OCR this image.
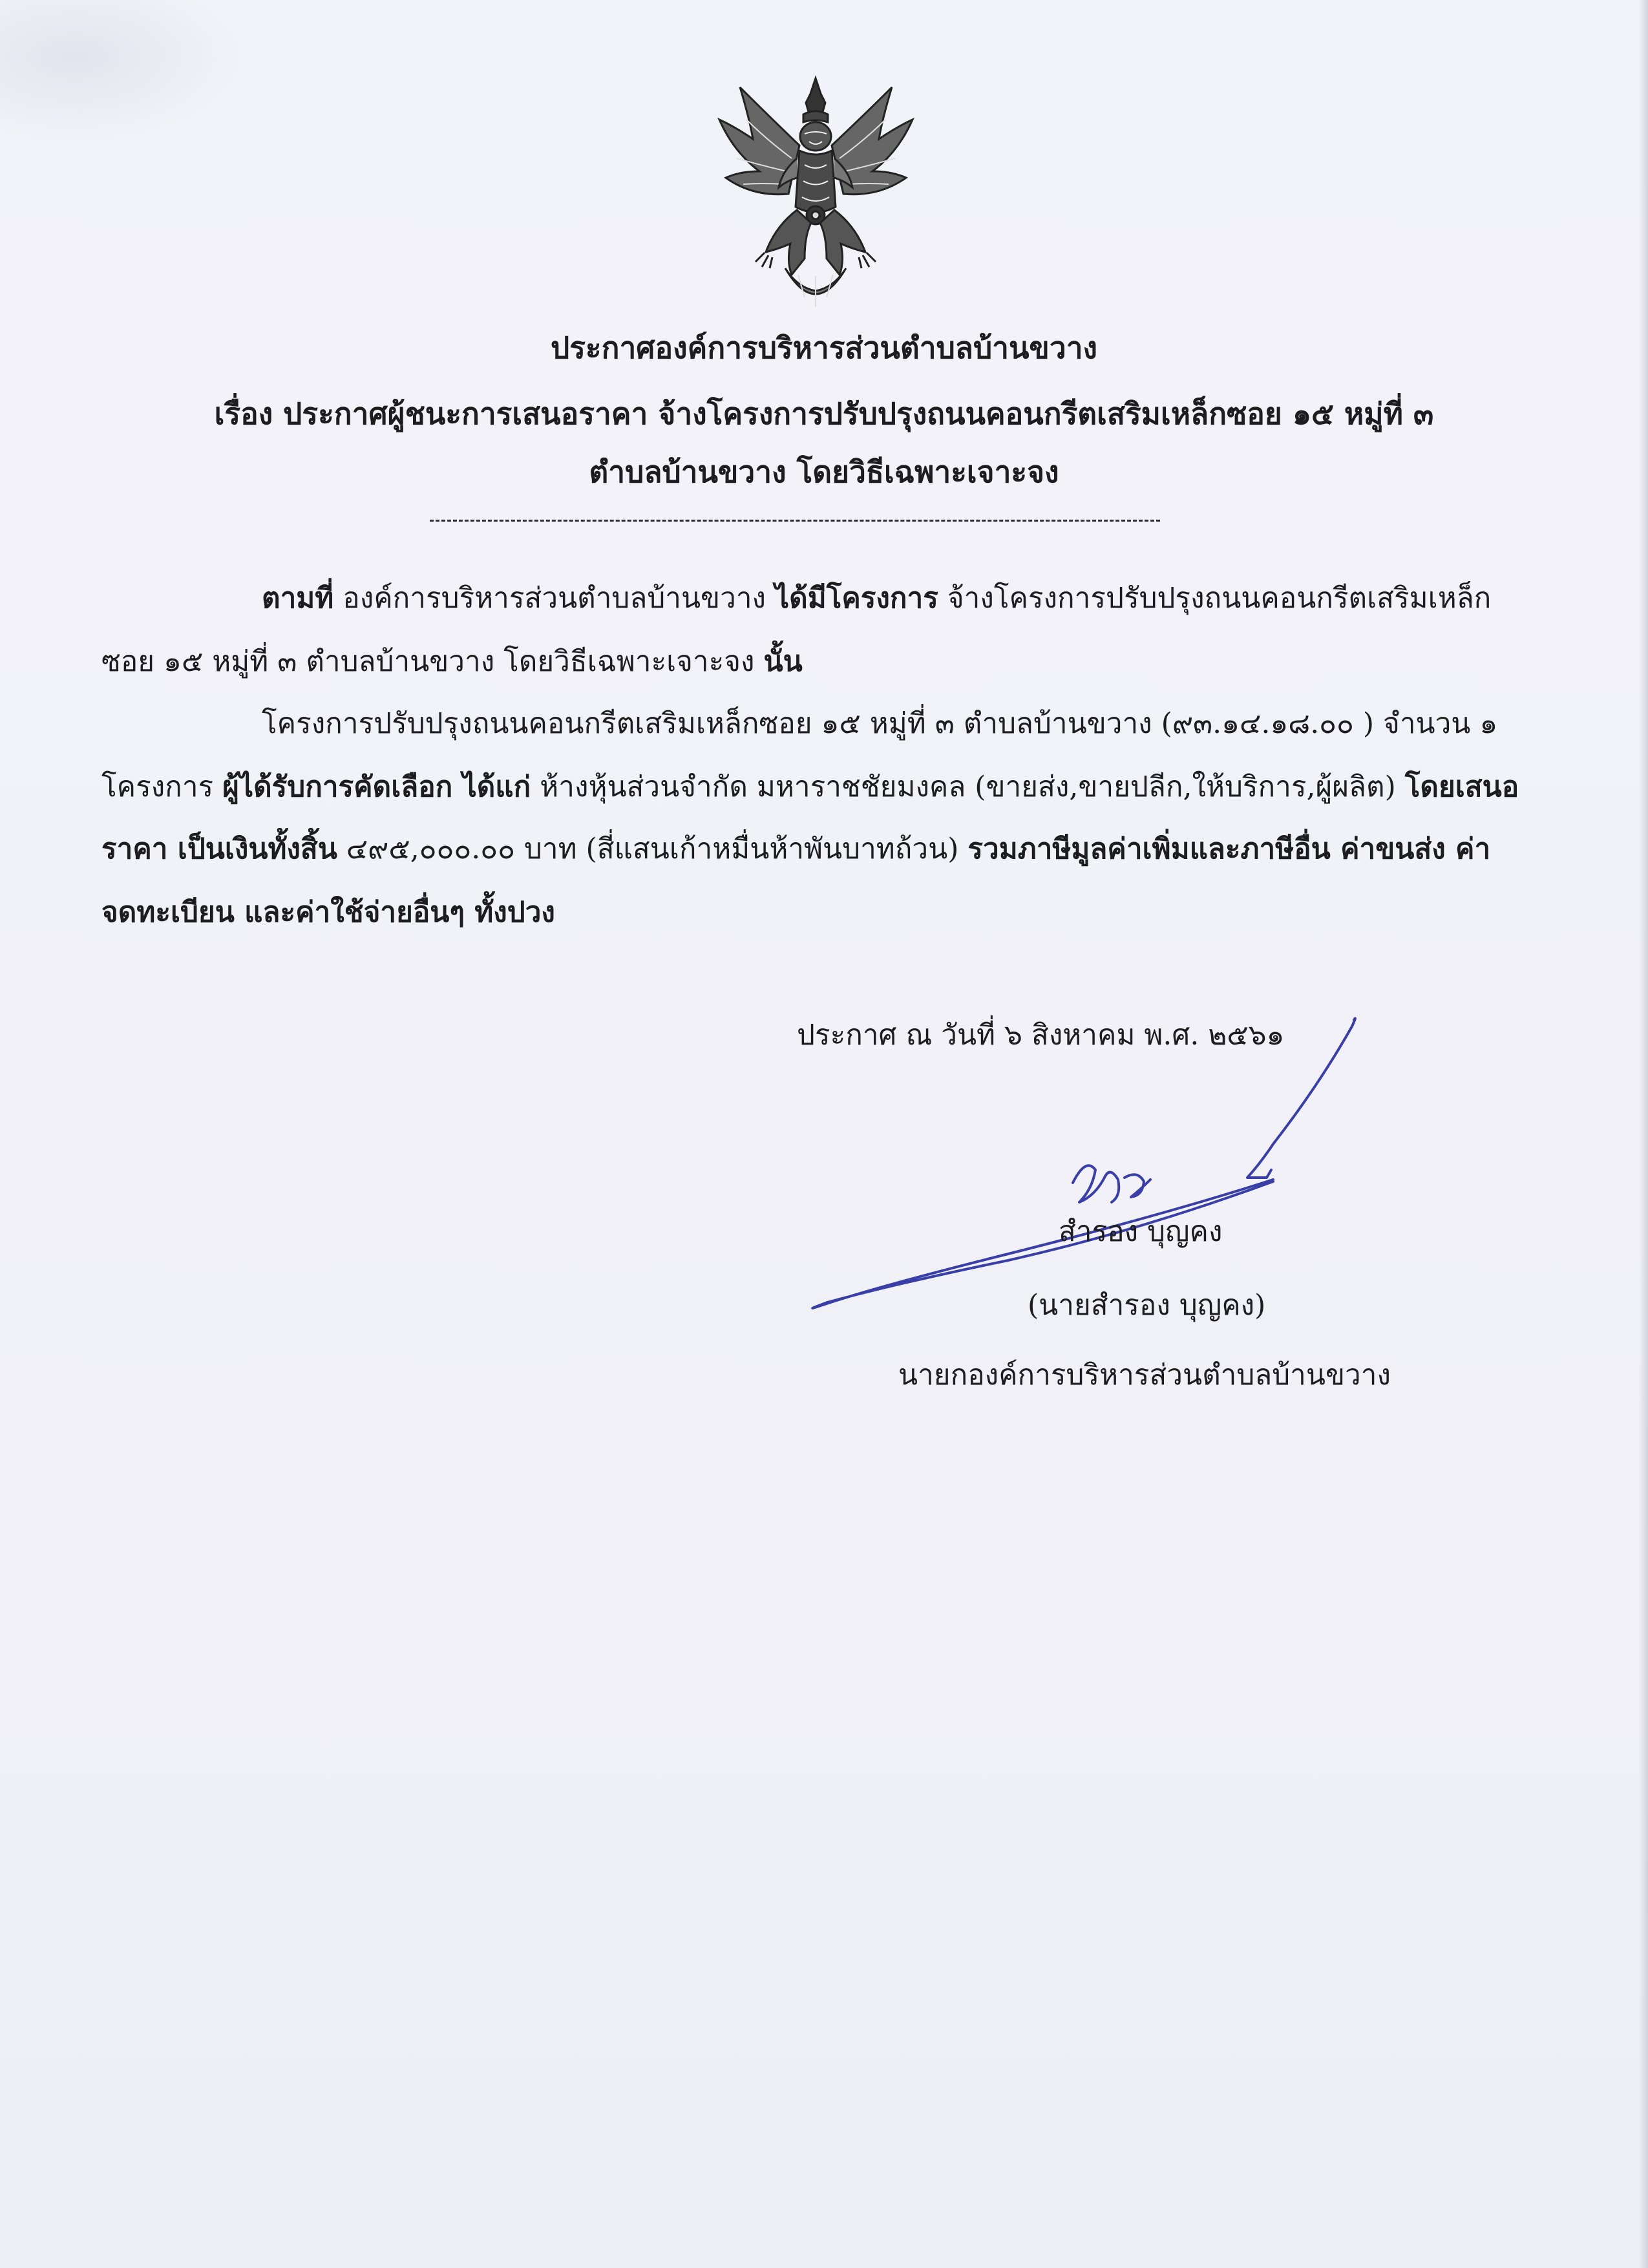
ประกาศองค์การบริหารส่วนตำบลบ้านขวาง
เรื่อง ประกาศผู้ชนะการเสนอราคา จ้างโครงการปรับปรุงถนนคอนกรีตเสริมเหล็กซอย ๑๕ หมู่ที่ ๓
ตำบลบ้านขวาง โดยวิธีเฉพาะเจาะจง
ตามที่ องค์การบริหารส่วนตำบลบ้านขวาง ได้มีโครงการ จ้างโครงการปรับปรุงถนนคอนกรีตเสริมเหล็ก
ซอย ๑๕ หมู่ที่ ๓ ตำบลบ้านขวาง โดยวิธีเฉพาะเจาะจง นั้น
โครงการปรับปรุงถนนคอนกรีตเสริมเหล็กซอย ๑๕ หมู่ที่ ๓ ตำบลบ้านขวาง (๙๓.๑๔.๑๘.๐๐ ) จำนวน ๑
โครงการ ผู้ได้รับการคัดเลือก ได้แก่ ห้างหุ้นส่วนจำกัด มหาราชชัยมงคล (ขายส่ง,ขายปลีก,ให้บริการ,ผู้ผลิต) โดยเสนอ
ราคา เป็นเงินทั้งสิ้น ๔๙๕,๐๐๐.๐๐ บาท (สี่แสนเก้าหมื่นห้าพันบาทถ้วน) รวมภาษีมูลค่าเพิ่มและภาษีอื่น ค่าขนส่ง ค่า
จดทะเบียน และค่าใช้จ่ายอื่นๆ ทั้งปวง
ประกาศ ณ วันที่ ๖ สิงหาคม พ.ศ. ๒๕๖๑
สำรอง บุญคง
(นายสำรอง บุญคง)
นายกองค์การบริหารส่วนตำบลบ้านขวาง
